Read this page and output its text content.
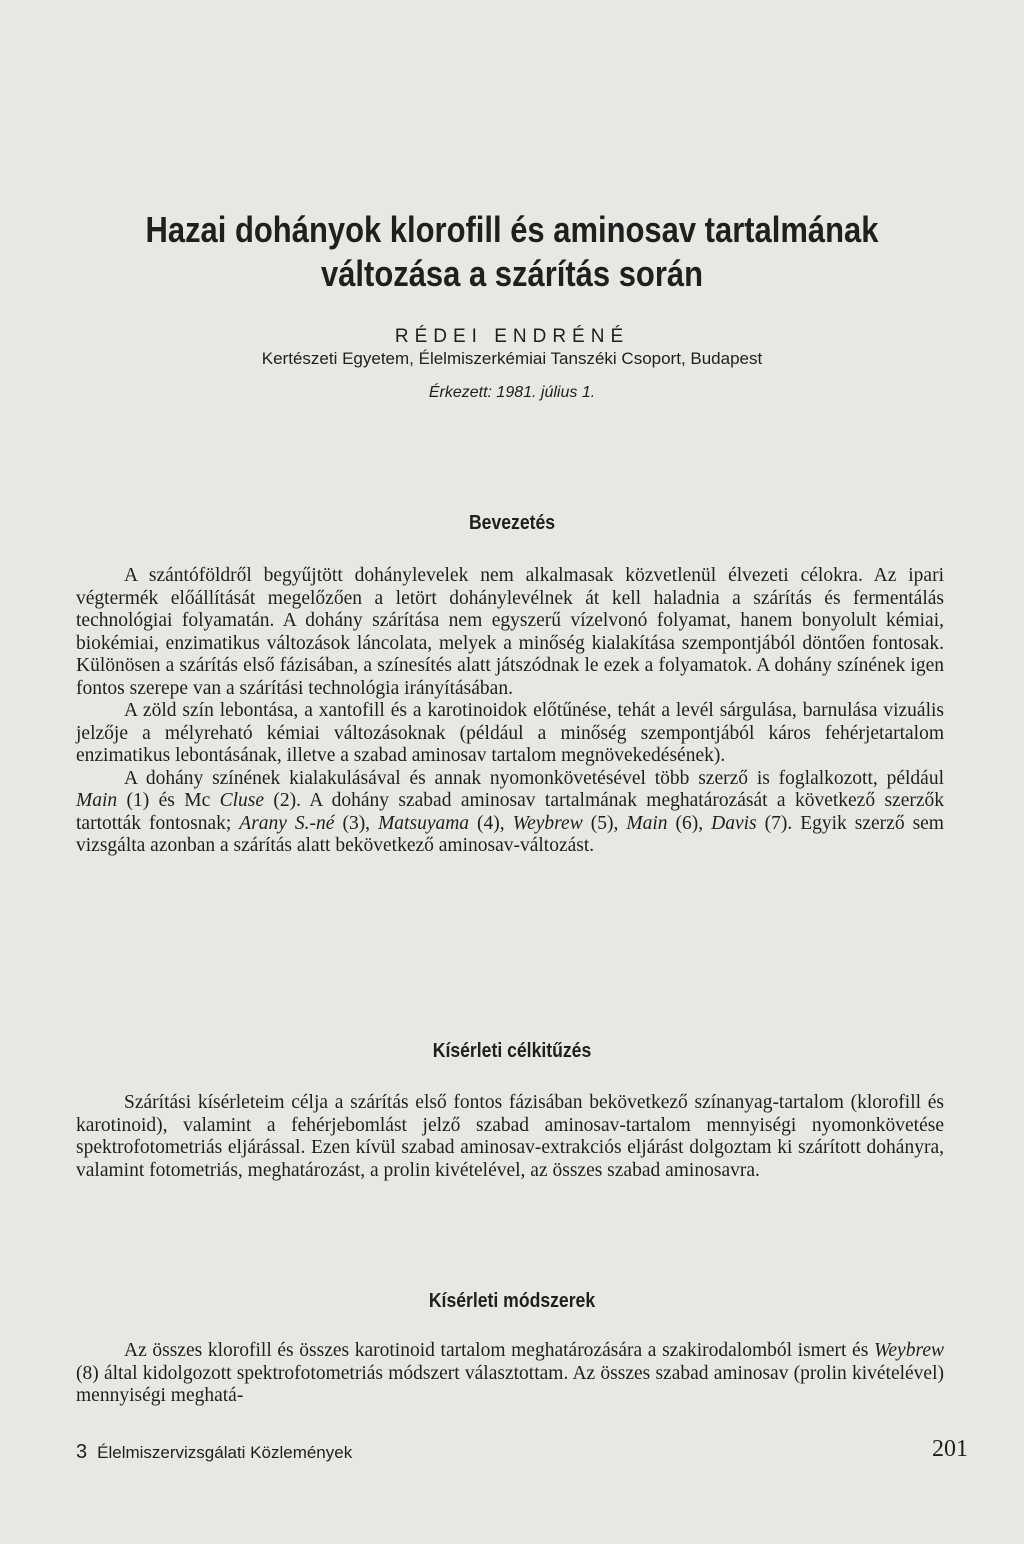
Hazai dohányok klorofill és aminosav tartalmának
változása a szárítás során
RÉDEI ENDRÉNÉ
Kertészeti Egyetem, Élelmiszerkémiai Tanszéki Csoport, Budapest
Érkezett: 1981. július 1.
Bevezetés

A szántóföldről begyűjtött dohánylevelek nem alkalmasak közvetlenül élvezeti célokra. Az ipari végtermék előállítását megelőzően a letört dohánylevélnek át kell haladnia a szárítás és fermentálás technológiai folyamatán. A dohány szárítása nem egyszerű vízelvonó folyamat, hanem bonyolult kémiai, biokémiai, enzimatikus változások láncolata, melyek a minőség kialakítása szempontjából döntően fontosak. Különösen a szárítás első fázisában, a színesítés alatt játszódnak le ezek a folyamatok. A dohány színének igen fontos szerepe van a szárítási technológia irányításában.

A zöld szín lebontása, a xantofill és a karotinoidok előtűnése, tehát a levél sárgulása, barnulása vizuális jelzője a mélyreható kémiai változásoknak (például a minőség szempontjából káros fehérjetartalom enzimatikus lebontásának, illetve a szabad aminosav tartalom megnövekedésének).

A dohány színének kialakulásával és annak nyomonkövetésével több szerző is foglalkozott, például Main (1) és Mc Cluse (2). A dohány szabad aminosav tartalmának meghatározását a következő szerzők tartották fontosnak; Arany S.-né (3), Matsuyama (4), Weybrew (5), Main (6), Davis (7). Egyik szerző sem vizsgálta azonban a szárítás alatt bekövetkező aminosav-változást.

Kísérleti célkitűzés

Szárítási kísérleteim célja a szárítás első fontos fázisában bekövetkező színanyag-tartalom (klorofill és karotinoid), valamint a fehérjebomlást jelző szabad aminosav-tartalom mennyiségi nyomonkövetése spektrofotometriás eljárással. Ezen kívül szabad aminosav-extrakciós eljárást dolgoztam ki szárított dohányra, valamint fotometriás, meghatározást, a prolin kivételével, az összes szabad aminosavra.

Kísérleti módszerek

Az összes klorofill és összes karotinoid tartalom meghatározására a szakirodalomból ismert és Weybrew (8) által kidolgozott spektrofotometriás módszert választottam. Az összes szabad aminosav (prolin kivételével) mennyiségi meghatá-

3 Élelmiszervizsgálati Közlemények	201
